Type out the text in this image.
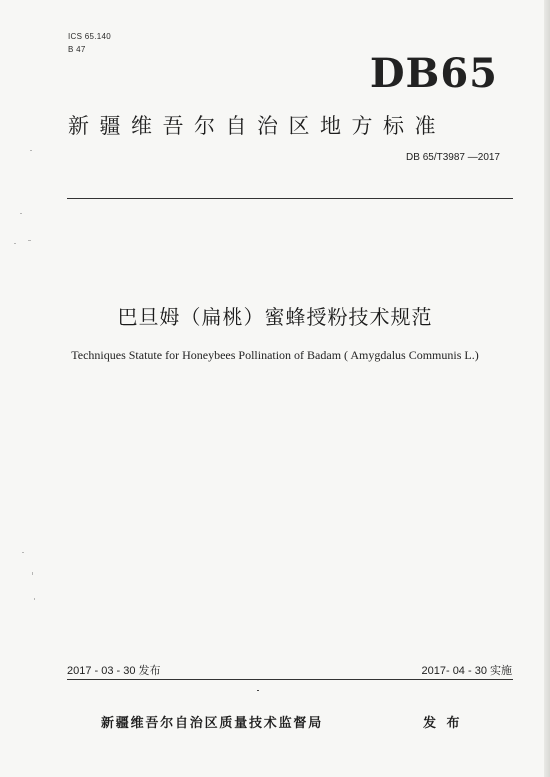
ICS 65.140
B 47
DB65
新疆维吾尔自治区地方标准
DB 65/T3987 —2017
巴旦姆（扁桃）蜜蜂授粉技术规范
Techniques Statute for Honeybees Pollination of Badam ( Amygdalus Communis L.)
2017 - 03 - 30 发布	2017- 04 - 30 实施
新疆维吾尔自治区质量技术监督局	发 布
